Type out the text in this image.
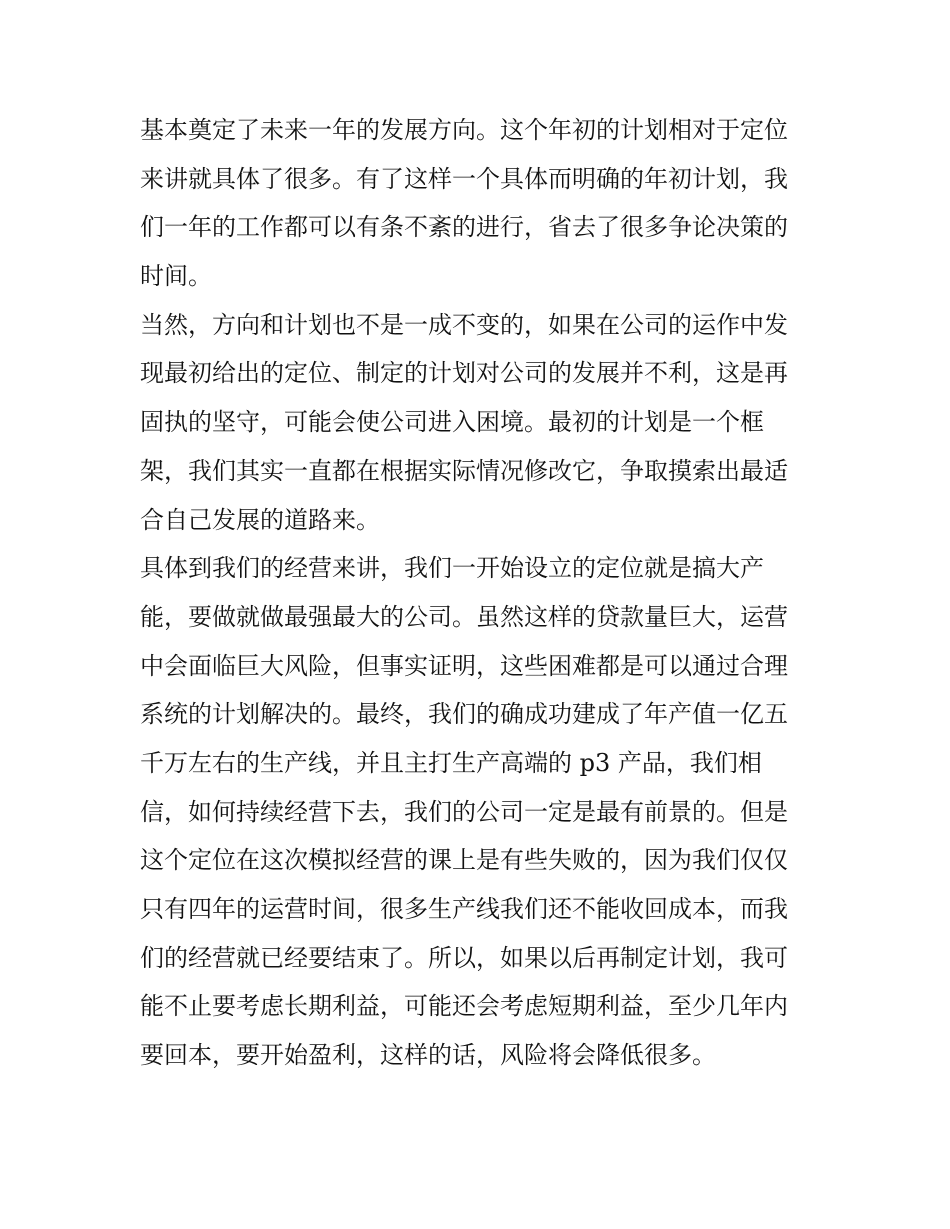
基本奠定了未来一年的发展方向。这个年初的计划相对于定位
来讲就具体了很多。有了这样一个具体而明确的年初计划，我
们一年的工作都可以有条不紊的进行，省去了很多争论决策的
时间。
当然，方向和计划也不是一成不变的，如果在公司的运作中发
现最初给出的定位、制定的计划对公司的发展并不利，这是再
固执的坚守，可能会使公司进入困境。最初的计划是一个框
架，我们其实一直都在根据实际情况修改它，争取摸索出最适
合自己发展的道路来。
具体到我们的经营来讲，我们一开始设立的定位就是搞大产
能，要做就做最强最大的公司。虽然这样的贷款量巨大，运营
中会面临巨大风险，但事实证明，这些困难都是可以通过合理
系统的计划解决的。最终，我们的确成功建成了年产值一亿五
千万左右的生产线，并且主打生产高端的 p3 产品，我们相
信，如何持续经营下去，我们的公司一定是最有前景的。但是
这个定位在这次模拟经营的课上是有些失败的，因为我们仅仅
只有四年的运营时间，很多生产线我们还不能收回成本，而我
们的经营就已经要结束了。所以，如果以后再制定计划，我可
能不止要考虑长期利益，可能还会考虑短期利益，至少几年内
要回本，要开始盈利，这样的话，风险将会降低很多。
